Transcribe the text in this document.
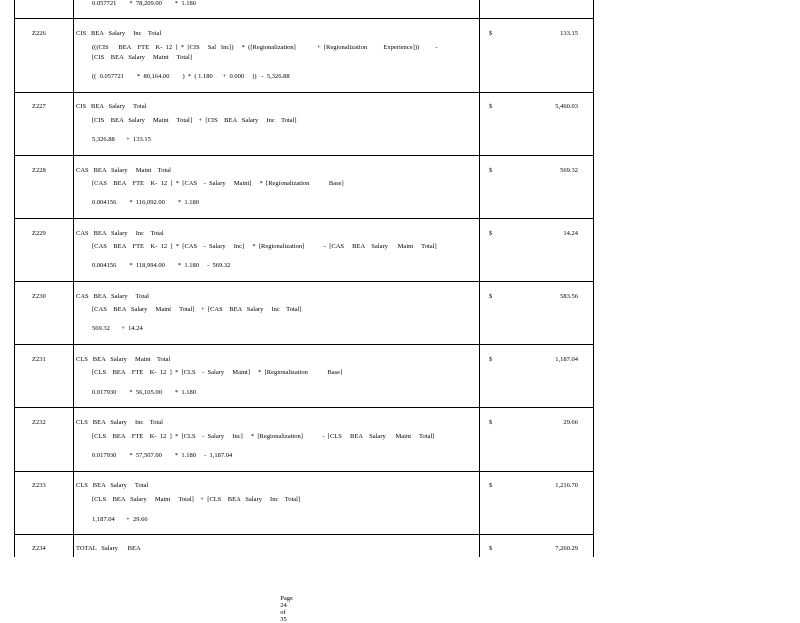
0.057721        *  78,209.00        *  1.180
Z226	CIS   BEA   Salary     Inc    Total
(((CIS      BEA    FTE    K-  12  ]  *  [CIS     Sal   Inc])     *  ([Regionalization]             +  [Regionalization          Experience]))          -
[CIS    BEA   Salary     Maint     Total]
((  0.057721        *  80,164.00        )  *  ( 1.180      +  0.000     ))   -  5,326.88
$	133.15
Z227	CIS   BEA   Salary     Total
[CIS    BEA   Salary     Maint     Total]    +  [CIS    BEA   Salary     Inc    Total]
5,326.88       +  133.15
$	5,460.03
Z228	CAS   BEA   Salary     Maint    Total
[CAS    BEA    FTE    K-  12  ]  *  [CAS    -  Salary     Maint]     *  [Regionalization            Base]
0.004156        *  116,092.00        *  1.180
$	569.32
Z229	CAS   BEA   Salary     Inc    Total
[CAS    BEA    FTE    K-  12  ]  *  [CAS    -  Salary     Inc]     *  [Regionalization]            -  [CAS     BEA    Salary      Maint     Total]
0.004156        *  118,994.00        *  1.180     -  569.32
$	14.24
Z230	CAS   BEA   Salary     Total
[CAS    BEA   Salary     Maint     Total]    +  [CAS    BEA   Salary     Inc    Total]
569.32       +  14.24
$	583.56
Z231	CLS   BEA   Salary     Maint    Total
[CLS    BEA    FTE    K-  12  ]  *  [CLS    -  Salary     Maint]     *  [Regionalization            Base]
0.017930        *  56,105.00        *  1.180
$	1,187.04
Z232	CLS   BEA   Salary     Inc    Total
[CLS    BEA    FTE    K-  12  ]  *  [CLS    -  Salary     Inc]     *  [Regionalization]            -  [CLS     BEA    Salary      Maint     Total]
0.017930        *  57,507.00        *  1.180     -  1,187.04
$	29.66
Z233	CLS   BEA   Salary     Total
[CLS    BEA   Salary     Maint     Total]    +  [CLS    BEA   Salary     Inc    Total]
1,187.04       +  29.66
$	1,216.70
Z234	TOTAL   Salary      BEA	$	7,260.29

Page
24
of
35
